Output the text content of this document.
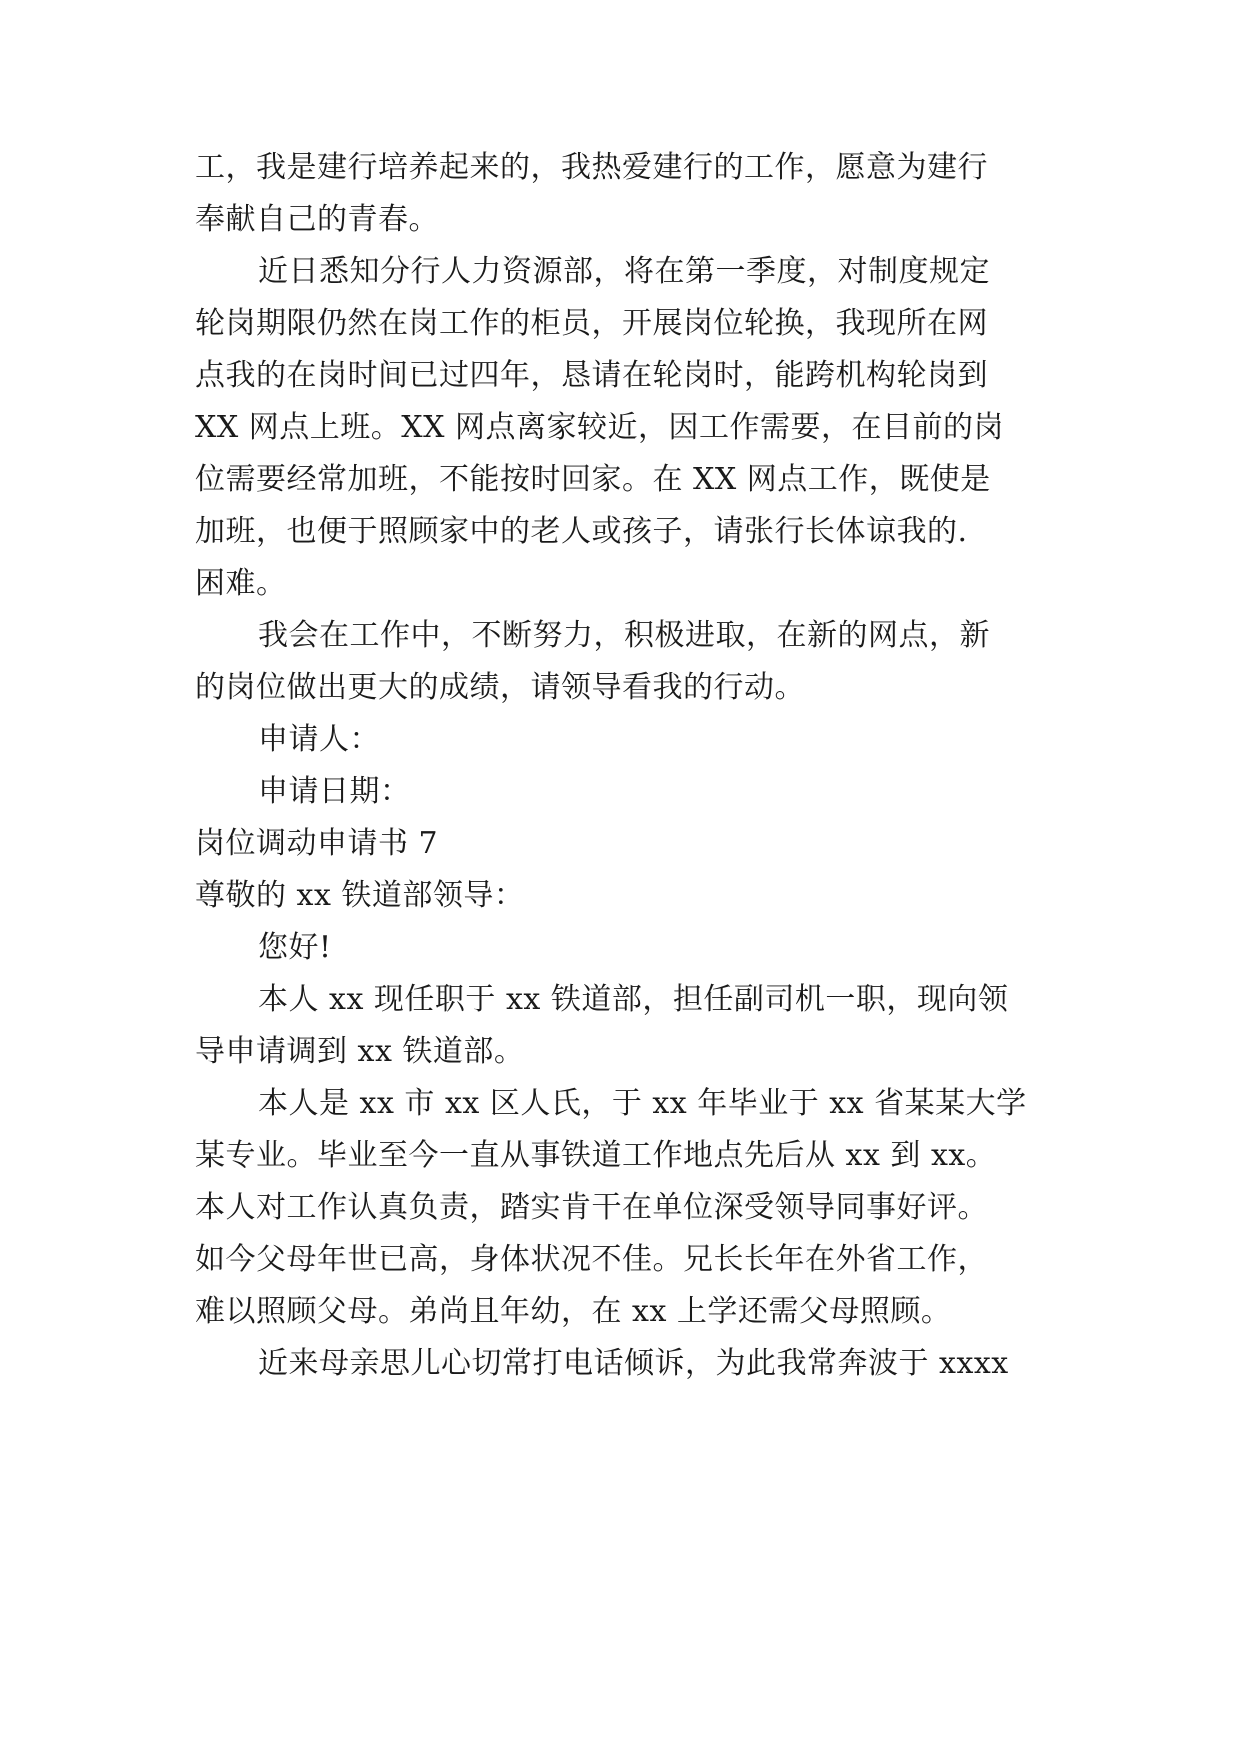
工，我是建行培养起来的，我热爱建行的工作，愿意为建行
奉献自己的青春。
近日悉知分行人力资源部，将在第一季度，对制度规定
轮岗期限仍然在岗工作的柜员，开展岗位轮换，我现所在网
点我的在岗时间已过四年，恳请在轮岗时，能跨机构轮岗到
XX 网点上班。XX 网点离家较近，因工作需要，在目前的岗
位需要经常加班，不能按时回家。在 XX 网点工作，既使是
加班，也便于照顾家中的老人或孩子，请张行长体谅我的.
困难。
我会在工作中，不断努力，积极进取，在新的网点，新
的岗位做出更大的成绩，请领导看我的行动。
申请人：
申请日期：
岗位调动申请书 7
尊敬的 xx 铁道部领导：
您好!
本人 xx 现任职于 xx 铁道部，担任副司机一职，现向领
导申请调到 xx 铁道部。
本人是 xx 市 xx 区人氏，于 xx 年毕业于 xx 省某某大学
某专业。毕业至今一直从事铁道工作地点先后从 xx 到 xx。
本人对工作认真负责，踏实肯干在单位深受领导同事好评。
如今父母年世已高，身体状况不佳。兄长长年在外省工作，
难以照顾父母。弟尚且年幼，在 xx 上学还需父母照顾。
近来母亲思儿心切常打电话倾诉，为此我常奔波于 xxxx
